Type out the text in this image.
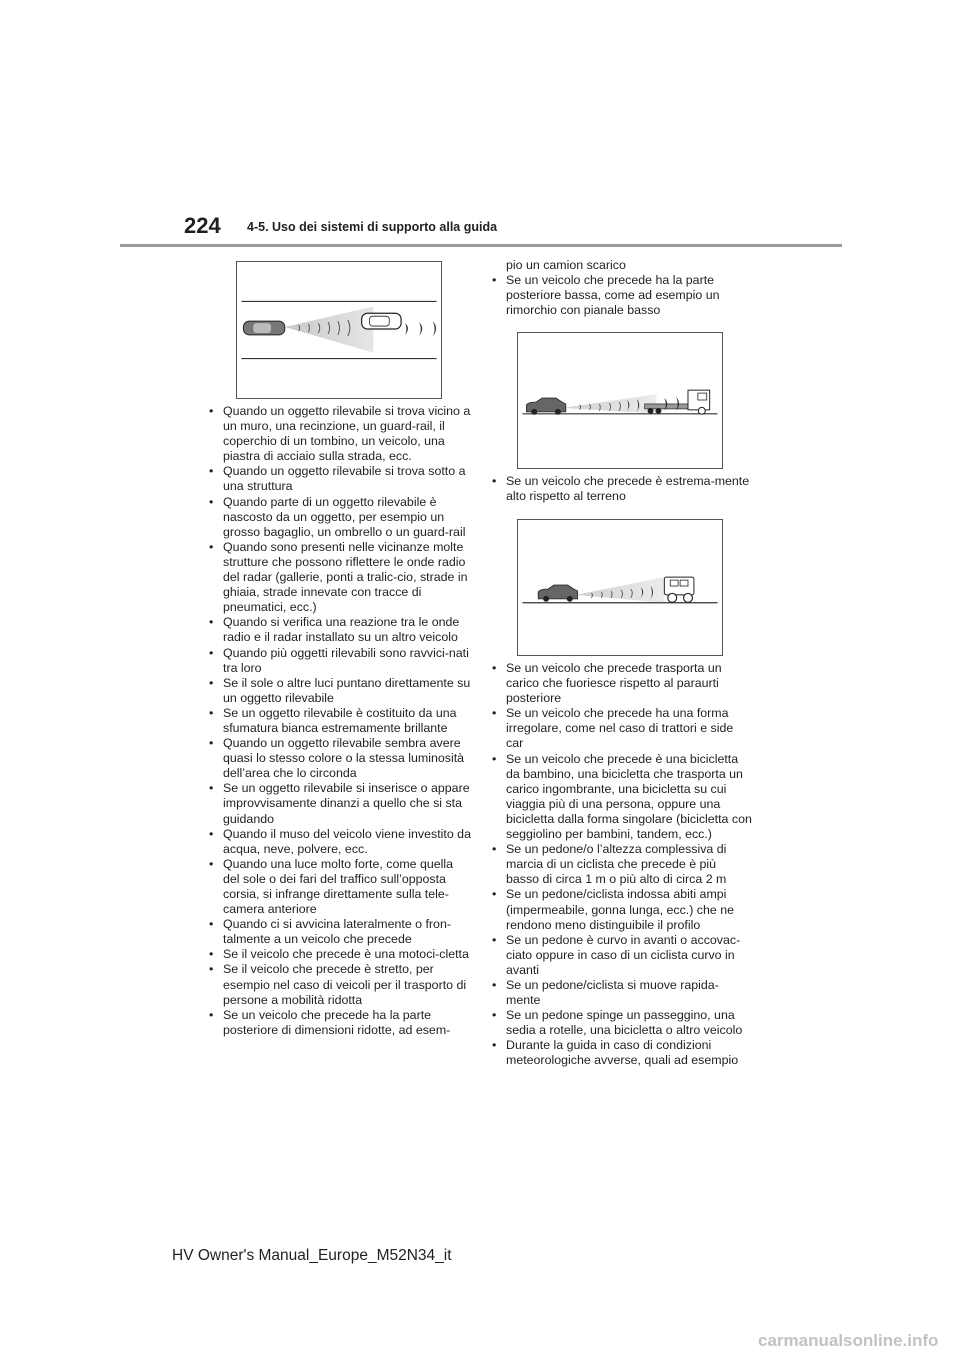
224 4-5. Uso dei sistemi di supporto alla guida
• Quando un oggetto rilevabile si trova vicino a un muro, una recinzione, un guard-rail, il coperchio di un tombino, un veicolo, una piastra di acciaio sulla strada, ecc.
• Quando un oggetto rilevabile si trova sotto a una struttura
• Quando parte di un oggetto rilevabile è nascosto da un oggetto, per esempio un grosso bagaglio, un ombrello o un guard-rail
• Quando sono presenti nelle vicinanze molte strutture che possono riflettere le onde radio del radar (gallerie, ponti a tralic-cio, strade in ghiaia, strade innevate con tracce di pneumatici, ecc.)
• Quando si verifica una reazione tra le onde radio e il radar installato su un altro veicolo
• Quando più oggetti rilevabili sono ravvici-nati tra loro
• Se il sole o altre luci puntano direttamente su un oggetto rilevabile
• Se un oggetto rilevabile è costituito da una sfumatura bianca estremamente brillante
• Quando un oggetto rilevabile sembra avere quasi lo stesso colore o la stessa luminosità dell’area che lo circonda
• Se un oggetto rilevabile si inserisce o appare improvvisamente dinanzi a quello che si sta guidando
• Quando il muso del veicolo viene investito da acqua, neve, polvere, ecc.
• Quando una luce molto forte, come quella del sole o dei fari del traffico sull’opposta corsia, si infrange direttamente sulla tele-camera anteriore
• Quando ci si avvicina lateralmente o fron-talmente a un veicolo che precede
• Se il veicolo che precede è una motoci-cletta
• Se il veicolo che precede è stretto, per esempio nel caso di veicoli per il trasporto di persone a mobilità ridotta
• Se un veicolo che precede ha la parte posteriore di dimensioni ridotte, ad esem-

pio un camion scarico

• Se un veicolo che precede ha la parte posteriore bassa, come ad esempio un rimorchio con pianale basso
• Se un veicolo che precede è estrema-mente alto rispetto al terreno
• Se un veicolo che precede trasporta un carico che fuoriesce rispetto al paraurti posteriore
• Se un veicolo che precede ha una forma irregolare, come nel caso di trattori e side car
• Se un veicolo che precede è una bicicletta da bambino, una bicicletta che trasporta un carico ingombrante, una bicicletta su cui viaggia più di una persona, oppure una bicicletta dalla forma singolare (bicicletta con seggiolino per bambini, tandem, ecc.)
• Se un pedone/o l’altezza complessiva di marcia di un ciclista che precede è più basso di circa 1 m o più alto di circa 2 m
• Se un pedone/ciclista indossa abiti ampi (impermeabile, gonna lunga, ecc.) che ne rendono meno distinguibile il profilo
• Se un pedone è curvo in avanti o accovac-ciato oppure in caso di un ciclista curvo in avanti
• Se un pedone/ciclista si muove rapida-mente
• Se un pedone spinge un passeggino, una sedia a rotelle, una bicicletta o altro veicolo
• Durante la guida in caso di condizioni meteorologiche avverse, quali ad esempio
HV Owner's Manual_Europe_M52N34_it
carmanualsonline.info
